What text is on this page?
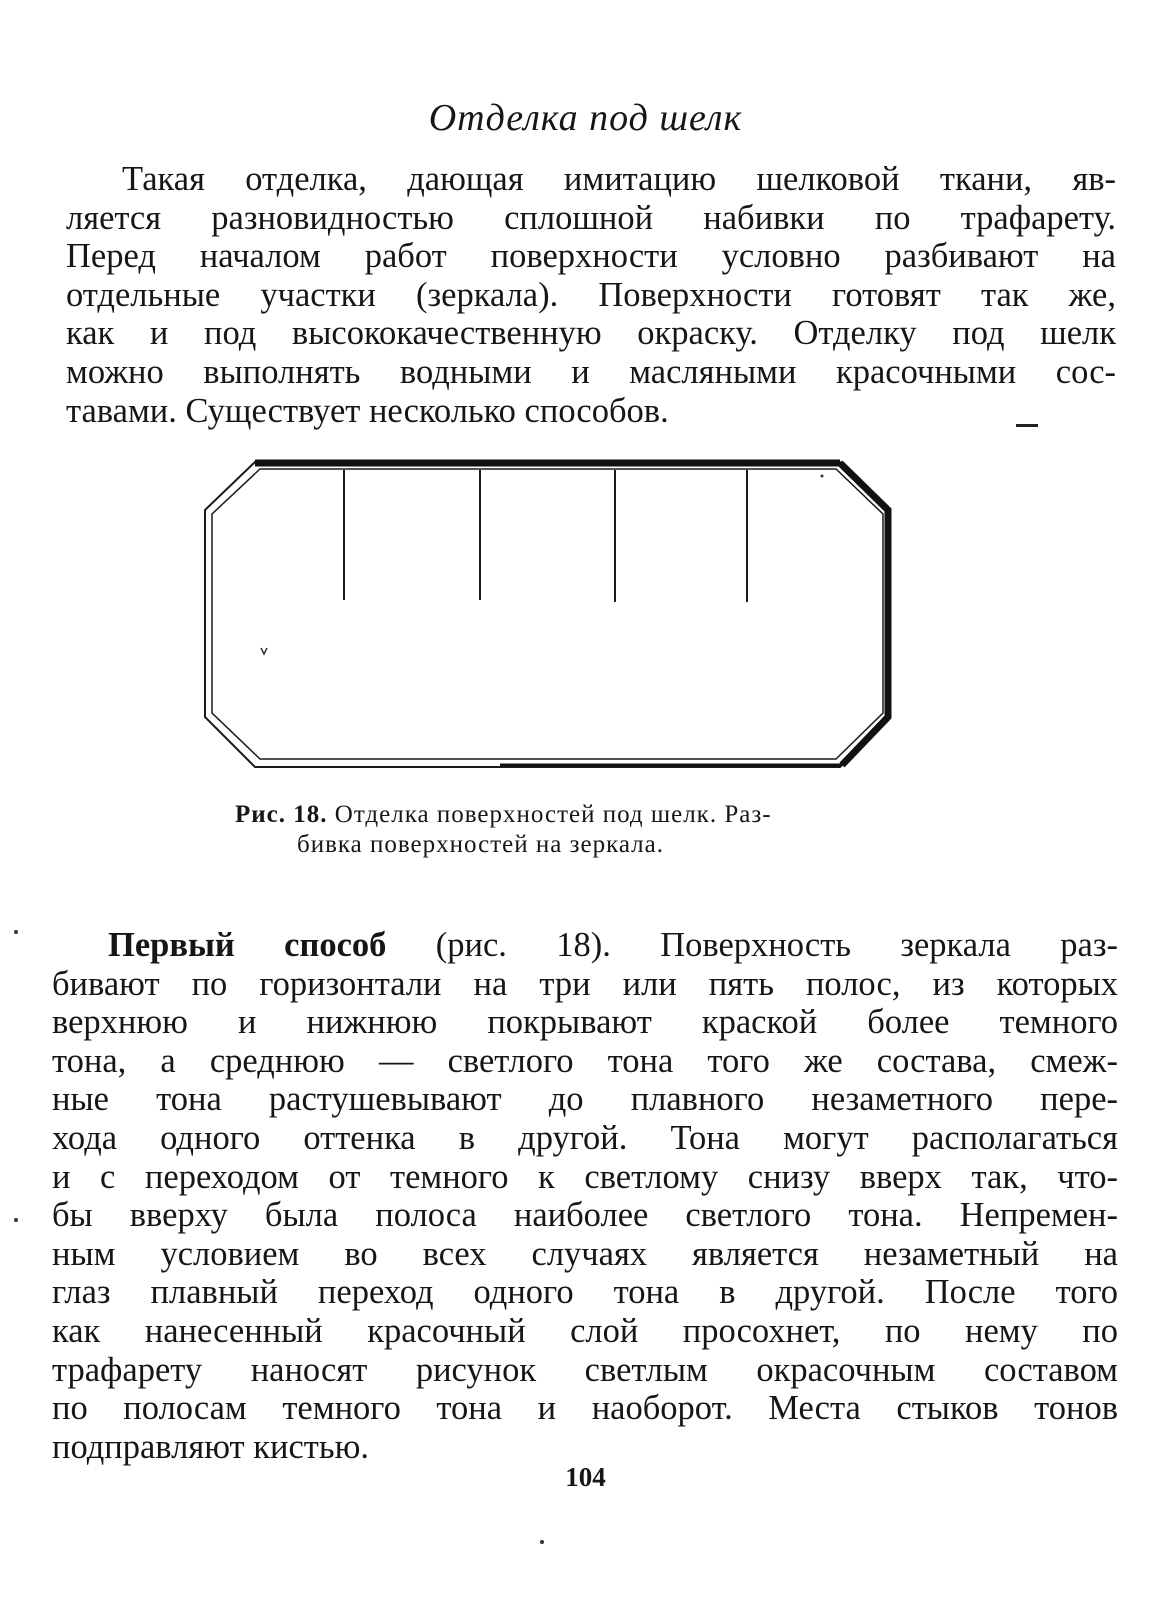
Отделка под шелк
Такая отделка, дающая имитацию шелковой ткани, яв-
ляется разновидностью сплошной набивки по трафарету.
Перед началом работ поверхности условно разбивают на
отдельные участки (зеркала). Поверхности готовят так же,
как и под высококачественную окраску. Отделку под шелк
можно выполнять водными и масляными красочными сос-
тавами. Существует несколько способов.
Рис. 18. Отделка поверхностей под шелк. Раз-
бивка поверхностей на зеркала.
Первый способ (рис. 18). Поверхность зеркала раз-
бивают по горизонтали на три или пять полос, из которых
верхнюю и нижнюю покрывают краской более темного
тона, а среднюю — светлого тона того же состава, смеж-
ные тона растушевывают до плавного незаметного пере-
хода одного оттенка в другой. Тона могут располагаться
и с переходом от темного к светлому снизу вверх так, что-
бы вверху была полоса наиболее светлого тона. Непремен-
ным условием во всех случаях является незаметный на
глаз плавный переход одного тона в другой. После того
как нанесенный красочный слой просохнет, по нему по
трафарету наносят рисунок светлым окрасочным составом
по полосам темного тона и наоборот. Места стыков тонов
подправляют кистью.
104
